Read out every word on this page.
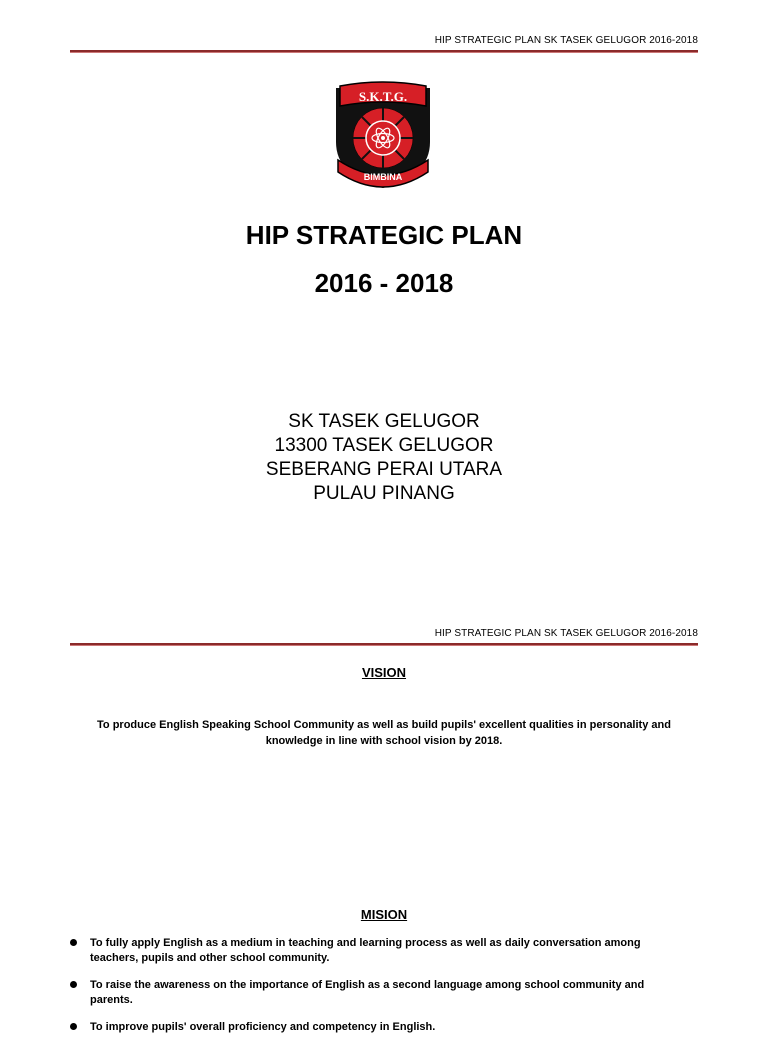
HIP STRATEGIC PLAN SK TASEK GELUGOR 2016-2018
S.K.T.G.
BIMBINA
HIP STRATEGIC PLAN
2016 - 2018
SK TASEK GELUGOR
13300 TASEK GELUGOR
SEBERANG PERAI UTARA
PULAU PINANG
HIP STRATEGIC PLAN SK TASEK GELUGOR 2016-2018
VISION
To produce English Speaking School Community as well as build pupils' excellent qualities in personality and
knowledge in line with school vision by 2018.
MISION
To fully apply English as a medium in teaching and learning process as well as daily conversation among teachers, pupils and other school community.
To raise the awareness on the importance of English as a second language among school community and parents.
To improve pupils' overall proficiency and competency in English.
